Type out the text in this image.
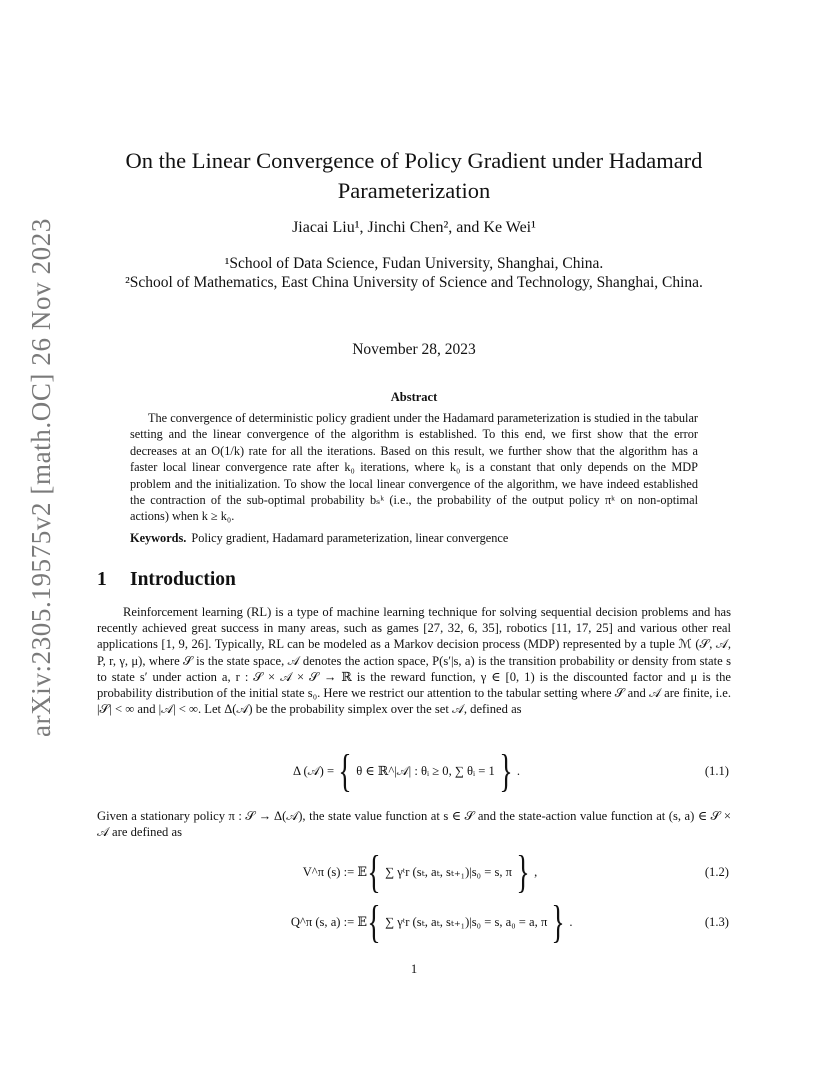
arXiv:2305.19575v2 [math.OC] 26 Nov 2023
On the Linear Convergence of Policy Gradient under Hadamard Parameterization
Jiacai Liu¹, Jinchi Chen², and Ke Wei¹
¹School of Data Science, Fudan University, Shanghai, China.
²School of Mathematics, East China University of Science and Technology, Shanghai, China.
November 28, 2023
Abstract
The convergence of deterministic policy gradient under the Hadamard parameterization is studied in the tabular setting and the linear convergence of the algorithm is established. To this end, we first show that the error decreases at an O(1/k) rate for all the iterations. Based on this result, we further show that the algorithm has a faster local linear convergence rate after k₀ iterations, where k₀ is a constant that only depends on the MDP problem and the initialization. To show the local linear convergence of the algorithm, we have indeed established the contraction of the sub-optimal probability bₛᵏ (i.e., the probability of the output policy πᵏ on non-optimal actions) when k ≥ k₀.
Keywords. Policy gradient, Hadamard parameterization, linear convergence
1 Introduction
Reinforcement learning (RL) is a type of machine learning technique for solving sequential decision problems and has recently achieved great success in many areas, such as games [27, 32, 6, 35], robotics [11, 17, 25] and various other real applications [1, 9, 26]. Typically, RL can be modeled as a Markov decision process (MDP) represented by a tuple ℳ (𝒮, 𝒜, P, r, γ, μ), where 𝒮 is the state space, 𝒜 denotes the action space, P(s′|s, a) is the transition probability or density from state s to state s′ under action a, r : 𝒮 × 𝒜 × 𝒮 → ℝ is the reward function, γ ∈ [0, 1) is the discounted factor and μ is the probability distribution of the initial state s₀. Here we restrict our attention to the tabular setting where 𝒮 and 𝒜 are finite, i.e. |𝒮| < ∞ and |𝒜| < ∞. Let Δ(𝒜) be the probability simplex over the set 𝒜, defined as
Δ (𝒜) = { θ ∈ ℝ^|𝒜| : θᵢ ≥ 0, ∑ θᵢ = 1 } .	(1.1)
Given a stationary policy π : 𝒮 → Δ(𝒜), the state value function at s ∈ 𝒮 and the state-action value function at (s, a) ∈ 𝒮 × 𝒜 are defined as
V^π (s) := 𝔼 { ∑ γᵗr (sₜ, aₜ, sₜ₊₁)|s₀ = s, π } ,	(1.2)
Q^π (s, a) := 𝔼 { ∑ γᵗr (sₜ, aₜ, sₜ₊₁)|s₀ = s, a₀ = a, π } .	(1.3)
1
